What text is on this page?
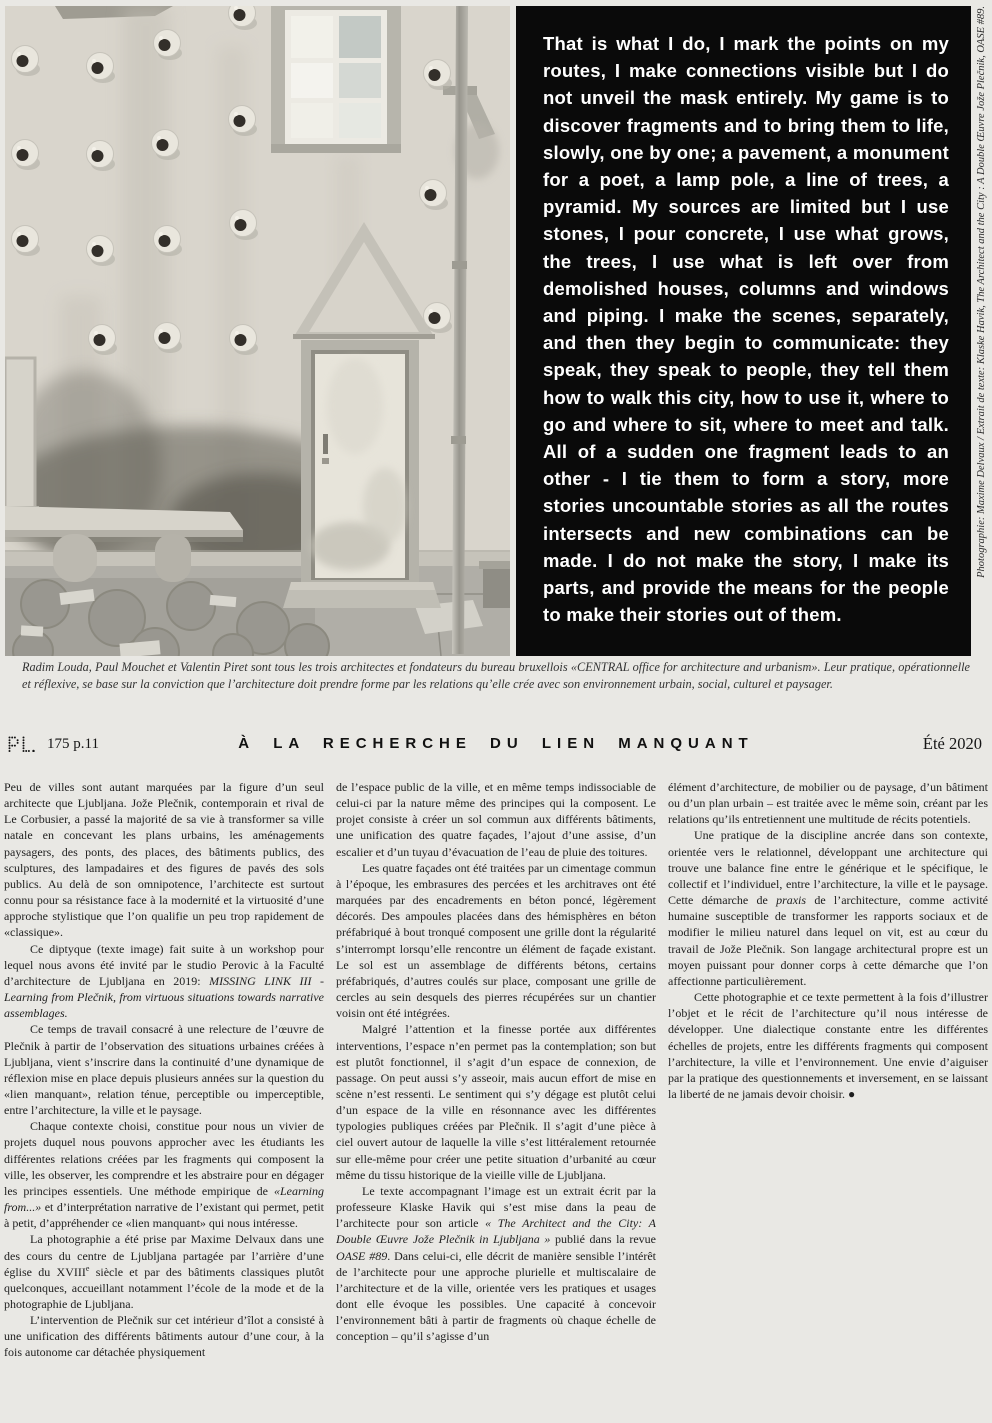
That is what I do, I mark the points on my routes, I make connections visible but I do not unveil the mask entirely. My game is to discover fragments and to bring them to life, slowly, one by one; a pavement, a monument for a poet, a lamp pole, a line of trees, a pyramid. My sources are limited but I use stones, I pour concrete, I use what grows, the trees, I use what is left over from demolished houses, columns and windows and piping. I make the scenes, separately, and then they begin to communicate: they speak, they speak to people, they tell them how to walk this city, how to use it, where to go and where to sit, where to meet and talk. All of a sudden one fragment leads to an other - I tie them to form a story, more stories uncountable stories as all the routes intersects and new combinations can be made. I do not make the story, I make its parts, and provide the means for the people to make their stories out of them.

Photographie: Maxime Delvaux / Extrait de texte: Klaske Havik, The Architect and the City : A Double Œuvre Jože Plečnik, OASE #89.

Radim Louda, Paul Mouchet et Valentin Piret sont tous les trois architectes et fondateurs du bureau bruxellois «CENTRAL office for architecture and urbanism». Leur pratique, opérationnelle et réflexive, se base sur la conviction que l’architecture doit prendre forme par les relations qu’elle crée avec son environnement urbain, social, culturel et paysager.

175 p.11	À LA RECHERCHE DU LIEN MANQUANT	Été 2020

Peu de villes sont autant marquées par la figure d’un seul architecte que Ljubljana. Jože Plečnik, contemporain et rival de Le Corbusier, a passé la majorité de sa vie à transformer sa ville natale en concevant les plans urbains, les aménagements paysagers, des ponts, des places, des bâtiments publics, des sculptures, des lampadaires et des figures de pavés des sols publics. Au delà de son omnipotence, l’architecte est surtout connu pour sa résistance face à la modernité et la virtuosité d’une approche stylistique que l’on qualifie un peu trop rapidement de «classique».

Ce diptyque (texte image) fait suite à un workshop pour lequel nous avons été invité par le studio Perovic à la Faculté d’architecture de Ljubljana en 2019: MISSING LINK III - Learning from Plečnik, from virtuous situations towards narrative assemblages.

Ce temps de travail consacré à une relecture de l’œuvre de Plečnik à partir de l’observation des situations urbaines créées à Ljubljana, vient s’inscrire dans la continuité d’une dynamique de réflexion mise en place depuis plusieurs années sur la question du «lien manquant», relation ténue, perceptible ou imperceptible, entre l’architecture, la ville et le paysage.

Chaque contexte choisi, constitue pour nous un vivier de projets duquel nous pouvons approcher avec les étudiants les différentes relations créées par les fragments qui composent la ville, les observer, les comprendre et les abstraire pour en dégager les principes essentiels. Une méthode empirique de «Learning from...» et d’interprétation narrative de l’existant qui permet, petit à petit, d’appréhender ce «lien manquant» qui nous intéresse.

La photographie a été prise par Maxime Delvaux dans une des cours du centre de Ljubljana partagée par l’arrière d’une église du XVIIIe siècle et par des bâtiments classiques plutôt quelconques, accueillant notamment l’école de la mode et de la photographie de Ljubljana.

L’intervention de Plečnik sur cet intérieur d’îlot a consisté à une unification des différents bâtiments autour d’une cour, à la fois autonome car détachée physiquement

de l’espace public de la ville, et en même temps indissociable de celui-ci par la nature même des principes qui la composent. Le projet consiste à créer un sol commun aux différents bâtiments, une unification des quatre façades, l’ajout d’une assise, d’un escalier et d’un tuyau d’évacuation de l’eau de pluie des toitures.

Les quatre façades ont été traitées par un cimentage commun à l’époque, les embrasures des percées et les architraves ont été marquées par des encadrements en béton poncé, légèrement décorés. Des ampoules placées dans des hémisphères en béton préfabriqué à bout tronqué composent une grille dont la régularité s’interrompt lorsqu’elle rencontre un élément de façade existant. Le sol est un assemblage de différents bétons, certains préfabriqués, d’autres coulés sur place, composant une grille de cercles au sein desquels des pierres récupérées sur un chantier voisin ont été intégrées.

Malgré l’attention et la finesse portée aux différentes interventions, l’espace n’en permet pas la contemplation; son but est plutôt fonctionnel, il s’agit d’un espace de connexion, de passage. On peut aussi s’y asseoir, mais aucun effort de mise en scène n’est ressenti. Le sentiment qui s’y dégage est plutôt celui d’un espace de la ville en résonnance avec les différentes typologies publiques créées par Plečnik. Il s’agit d’une pièce à ciel ouvert autour de laquelle la ville s’est littéralement retournée sur elle-même pour créer une petite situation d’urbanité au cœur même du tissu historique de la vieille ville de Ljubljana.

Le texte accompagnant l’image est un extrait écrit par la professeure Klaske Havik qui s’est mise dans la peau de l’architecte pour son article « The Architect and the City: A Double Œuvre Jože Plečnik in Ljubljana » publié dans la revue OASE #89. Dans celui-ci, elle décrit de manière sensible l’intérêt de l’architecte pour une approche plurielle et multiscalaire de l’architecture et de la ville, orientée vers les pratiques et usages dont elle évoque les possibles. Une capacité à concevoir l’environnement bâti à partir de fragments où chaque échelle de conception – qu’il s’agisse d’un

élément d’architecture, de mobilier ou de paysage, d’un bâtiment ou d’un plan urbain – est traitée avec le même soin, créant par les relations qu’ils entretiennent une multitude de récits potentiels.

Une pratique de la discipline ancrée dans son contexte, orientée vers le relationnel, développant une architecture qui trouve une balance fine entre le générique et le spécifique, le collectif et l’individuel, entre l’architecture, la ville et le paysage. Cette démarche de praxis de l’architecture, comme activité humaine susceptible de transformer les rapports sociaux et de modifier le milieu naturel dans lequel on vit, est au cœur du travail de Jože Plečnik. Son langage architectural propre est un moyen puissant pour donner corps à cette démarche que l’on affectionne particulièrement.

Cette photographie et ce texte permettent à la fois d’illustrer l’objet et le récit de l’architecture qu’il nous intéresse de développer. Une dialectique constante entre les différentes échelles de projets, entre les différents fragments qui composent l’architecture, la ville et l’environnement. Une envie d’aiguiser par la pratique des questionnements et inversement, en se laissant la liberté de ne jamais devoir choisir. ●
